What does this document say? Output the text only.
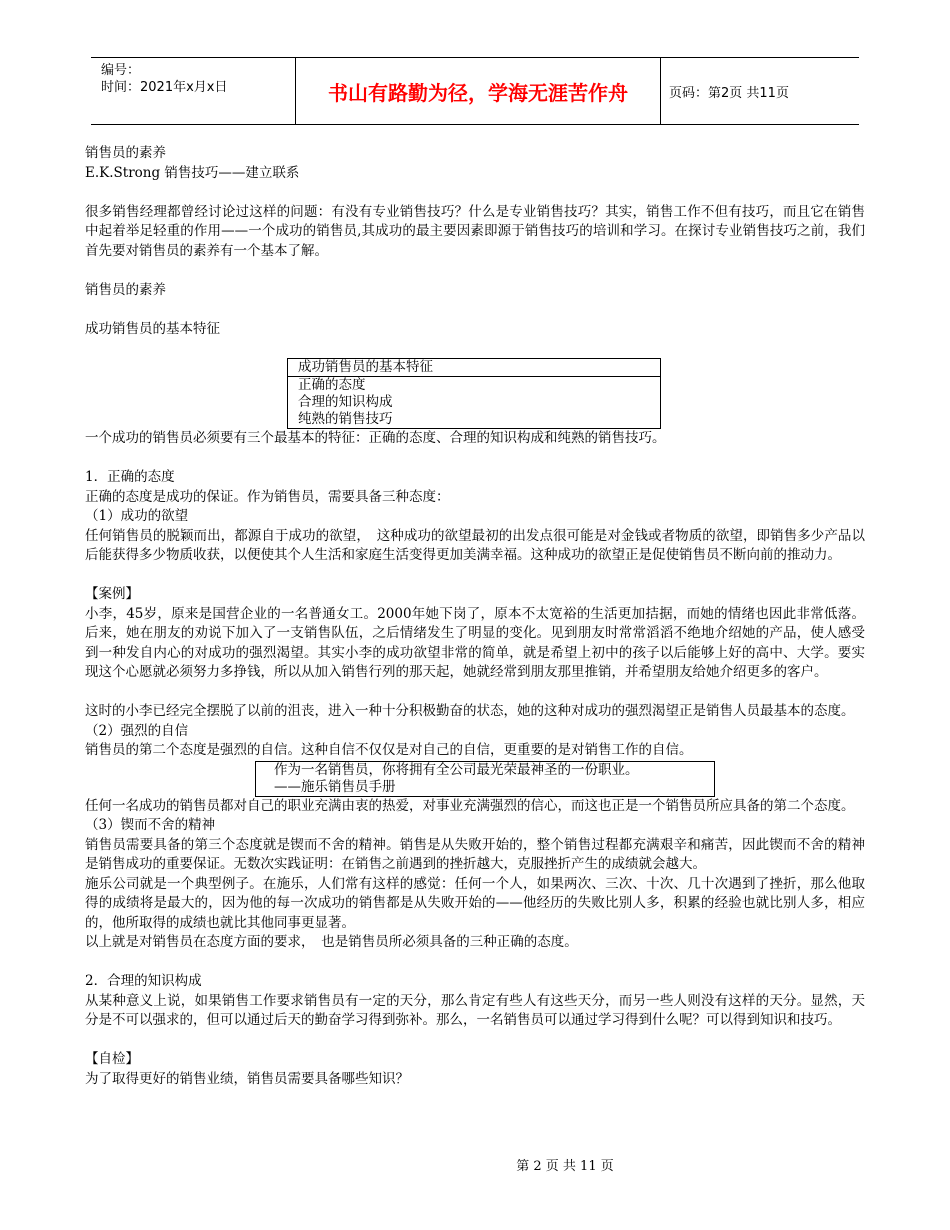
编号：
时间：2021年x月x日	书山有路勤为径，学海无涯苦作舟	页码：第2页 共11页

销售员的素养

E.K.Strong 销售技巧——建立联系

很多销售经理都曾经讨论过这样的问题：有没有专业销售技巧？什么是专业销售技巧？其实，销售工作不但有技巧，而且它在销售中起着举足轻重的作用——一个成功的销售员,其成功的最主要因素即源于销售技巧的培训和学习。在探讨专业销售技巧之前，我们首先要对销售员的素养有一个基本了解。

销售员的素养

成功销售员的基本特征

成功销售员的基本特征
正确的态度
合理的知识构成
纯熟的销售技巧

一个成功的销售员必须要有三个最基本的特征：正确的态度、合理的知识构成和纯熟的销售技巧。

1．正确的态度

正确的态度是成功的保证。作为销售员，需要具备三种态度：

（1）成功的欲望

任何销售员的脱颖而出，都源自于成功的欲望，　这种成功的欲望最初的出发点很可能是对金钱或者物质的欲望，即销售多少产品以后能获得多少物质收获，以便使其个人生活和家庭生活变得更加美满幸福。这种成功的欲望正是促使销售员不断向前的推动力。

【案例】

小李，45岁，原来是国营企业的一名普通女工。2000年她下岗了，原本不太宽裕的生活更加拮据，而她的情绪也因此非常低落。后来，她在朋友的劝说下加入了一支销售队伍，之后情绪发生了明显的变化。见到朋友时常常滔滔不绝地介绍她的产品，使人感受到一种发自内心的对成功的强烈渴望。其实小李的成功欲望非常的简单，就是希望上初中的孩子以后能够上好的高中、大学。要实现这个心愿就必须努力多挣钱，所以从加入销售行列的那天起，她就经常到朋友那里推销，并希望朋友给她介绍更多的客户。

这时的小李已经完全摆脱了以前的沮丧，进入一种十分积极勤奋的状态，她的这种对成功的强烈渴望正是销售人员最基本的态度。

（2）强烈的自信

销售员的第二个态度是强烈的自信。这种自信不仅仅是对自己的自信，更重要的是对销售工作的自信。

作为一名销售员，你将拥有全公司最光荣最神圣的一份职业。
——施乐销售员手册

任何一名成功的销售员都对自己的职业充满由衷的热爱，对事业充满强烈的信心，而这也正是一个销售员所应具备的第二个态度。

（3）锲而不舍的精神

销售员需要具备的第三个态度就是锲而不舍的精神。销售是从失败开始的，整个销售过程都充满艰辛和痛苦，因此锲而不舍的精神是销售成功的重要保证。无数次实践证明：在销售之前遇到的挫折越大，克服挫折产生的成绩就会越大。

施乐公司就是一个典型例子。在施乐，人们常有这样的感觉：任何一个人，如果两次、三次、十次、几十次遇到了挫折，那么他取得的成绩将是最大的，因为他的每一次成功的销售都是从失败开始的——他经历的失败比别人多，积累的经验也就比别人多，相应的，他所取得的成绩也就比其他同事更显著。

以上就是对销售员在态度方面的要求，　也是销售员所必须具备的三种正确的态度。

2．合理的知识构成

从某种意义上说，如果销售工作要求销售员有一定的天分，那么肯定有些人有这些天分，而另一些人则没有这样的天分。显然，天分是不可以强求的，但可以通过后天的勤奋学习得到弥补。那么，一名销售员可以通过学习得到什么呢？可以得到知识和技巧。

【自检】

为了取得更好的销售业绩，销售员需要具备哪些知识？

第 2 页 共 11 页
